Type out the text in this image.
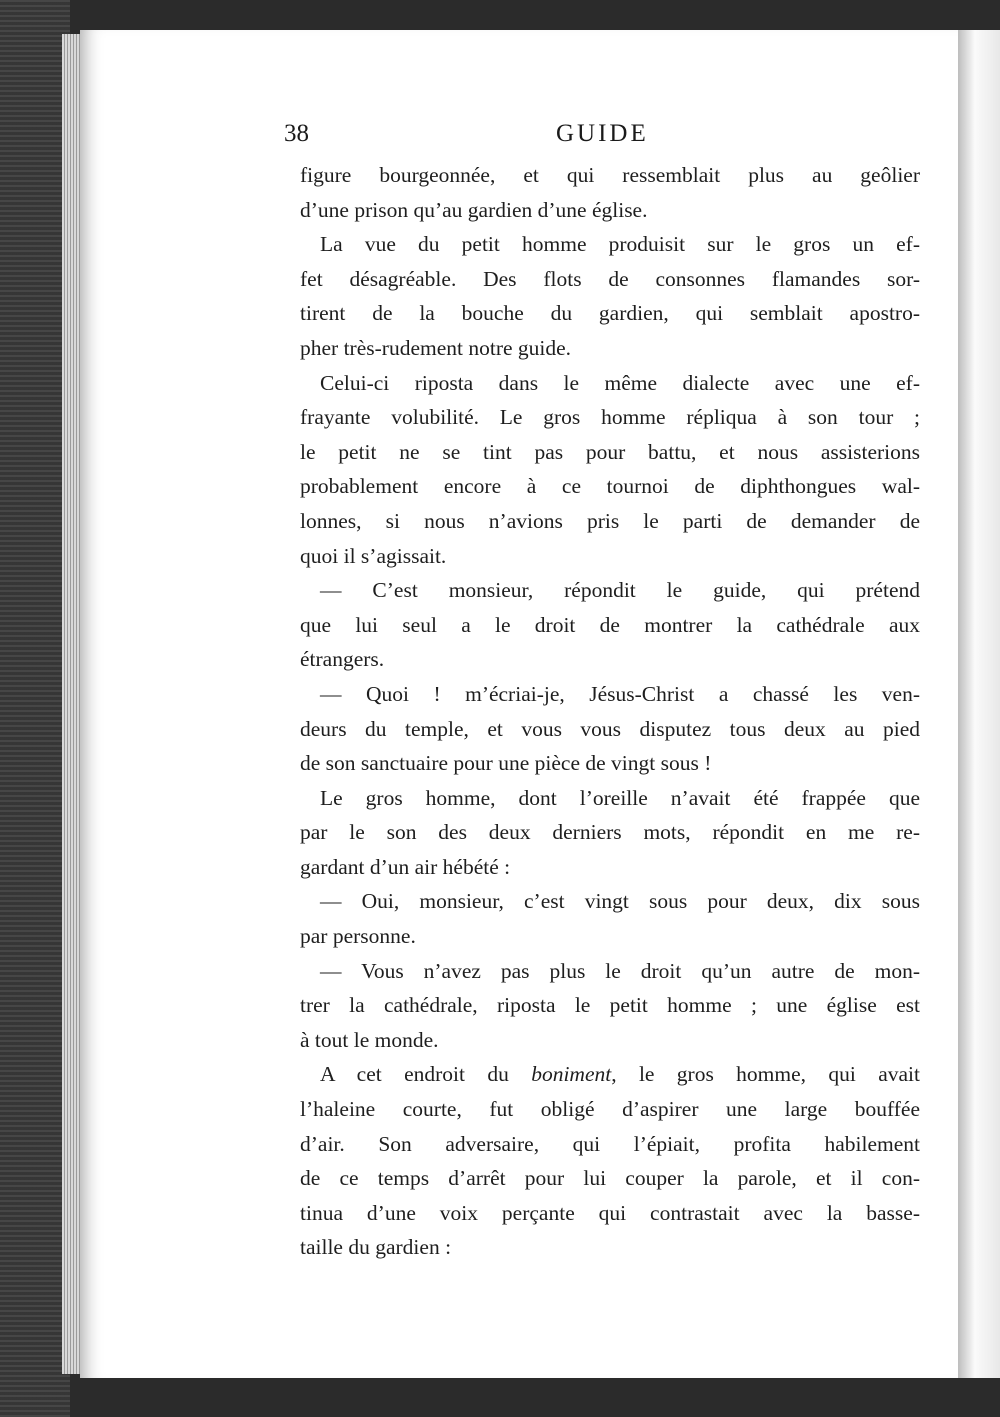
38	GUIDE
figure bourgeonnée, et qui ressemblait plus au geôlier
d’une prison qu’au gardien d’une église.
La vue du petit homme produisit sur le gros un ef-
fet désagréable. Des flots de consonnes flamandes sor-
tirent de la bouche du gardien, qui semblait apostro-
pher très-rudement notre guide.
Celui-ci riposta dans le même dialecte avec une ef-
frayante volubilité. Le gros homme répliqua à son tour ;
le petit ne se tint pas pour battu, et nous assisterions
probablement encore à ce tournoi de diphthongues wal-
lonnes, si nous n’avions pris le parti de demander de
quoi il s’agissait.
— C’est monsieur, répondit le guide, qui prétend
que lui seul a le droit de montrer la cathédrale aux
étrangers.
— Quoi ! m’écriai-je, Jésus-Christ a chassé les ven-
deurs du temple, et vous vous disputez tous deux au pied
de son sanctuaire pour une pièce de vingt sous !
Le gros homme, dont l’oreille n’avait été frappée que
par le son des deux derniers mots, répondit en me re-
gardant d’un air hébété :
— Oui, monsieur, c’est vingt sous pour deux, dix sous
par personne.
— Vous n’avez pas plus le droit qu’un autre de mon-
trer la cathédrale, riposta le petit homme ; une église est
à tout le monde.
A cet endroit du boniment, le gros homme, qui avait
l’haleine courte, fut obligé d’aspirer une large bouffée
d’air. Son adversaire, qui l’épiait, profita habilement
de ce temps d’arrêt pour lui couper la parole, et il con-
tinua d’une voix perçante qui contrastait avec la basse-
taille du gardien :
